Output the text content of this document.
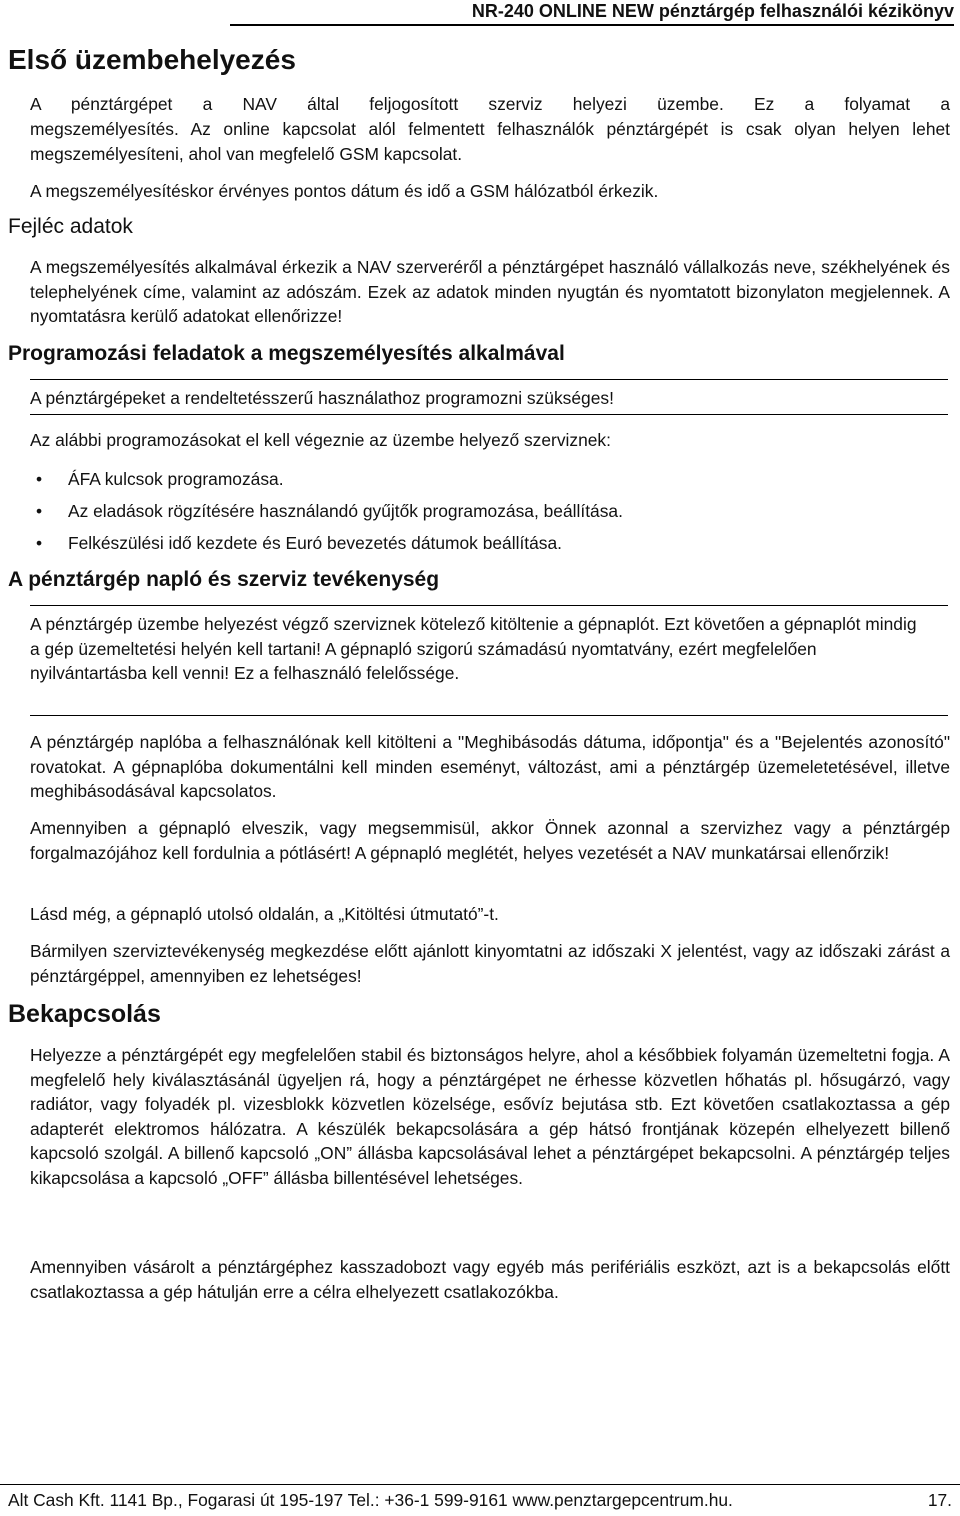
NR-240 ONLINE NEW pénztárgép felhasználói kézikönyv
Első üzembehelyezés
A pénztárgépet a NAV által feljogosított szerviz helyezi üzembe. Ez a folyamat a
megszemélyesítés. Az online kapcsolat alól felmentett felhasználók pénztárgépét is csak olyan helyen lehet megszemélyesíteni, ahol van megfelelő GSM kapcsolat.
A megszemélyesítéskor érvényes pontos dátum és idő a GSM hálózatból érkezik.
Fejléc adatok
A megszemélyesítés alkalmával érkezik a NAV szerveréről a pénztárgépet használó vállalkozás neve, székhelyének és telephelyének címe, valamint az adószám. Ezek az adatok minden nyugtán és nyomtatott bizonylaton megjelennek. A nyomtatásra kerülő adatokat ellenőrizze!
Programozási feladatok a megszemélyesítés alkalmával
A pénztárgépeket a rendeltetésszerű használathoz programozni szükséges!
Az alábbi programozásokat el kell végeznie az üzembe helyező szerviznek:
• ÁFA kulcsok programozása.
• Az eladások rögzítésére használandó gyűjtők programozása, beállítása.
• Felkészülési idő kezdete és Euró bevezetés dátumok beállítása.
A pénztárgép napló és szerviz tevékenység
A pénztárgép üzembe helyezést végző szerviznek kötelező kitöltenie a gépnaplót. Ezt követően a gépnaplót mindig a gép üzemeltetési helyén kell tartani! A gépnapló szigorú számadású nyomtatvány, ezért megfelelően nyilvántartásba kell venni! Ez a felhasználó felelőssége.
A pénztárgép naplóba a felhasználónak kell kitölteni a "Meghibásodás dátuma, időpontja" és a "Bejelentés azonosító" rovatokat. A gépnaplóba dokumentálni kell minden eseményt, változást, ami a pénztárgép üzemeletetésével, illetve meghibásodásával kapcsolatos.
Amennyiben a gépnapló elveszik, vagy megsemmisül, akkor Önnek azonnal a szervizhez vagy a pénztárgép forgalmazójához kell fordulnia a pótlásért! A gépnapló meglétét, helyes vezetését a NAV munkatársai ellenőrzik!
Lásd még, a gépnapló utolsó oldalán, a „Kitöltési útmutató”-t.
Bármilyen szerviztevékenység megkezdése előtt ajánlott kinyomtatni az időszaki X jelentést, vagy az időszaki zárást a pénztárgéppel, amennyiben ez lehetséges!
Bekapcsolás
Helyezze a pénztárgépét egy megfelelően stabil és biztonságos helyre, ahol a későbbiek folyamán üzemeltetni fogja. A megfelelő hely kiválasztásánál ügyeljen rá, hogy a pénztárgépet ne érhesse közvetlen hőhatás pl. hősugárzó, vagy radiátor, vagy folyadék pl. vizesblokk közvetlen közelsége, esővíz bejutása stb. Ezt követően csatlakoztassa a gép adapterét elektromos hálózatra. A készülék bekapcsolására a gép hátsó frontjának közepén elhelyezett billenő kapcsoló szolgál. A billenő kapcsoló „ON” állásba kapcsolásával lehet a pénztárgépet bekapcsolni. A pénztárgép teljes kikapcsolása a kapcsoló „OFF” állásba billentésével lehetséges.
Amennyiben vásárolt a pénztárgéphez kasszadobozt vagy egyéb más perifériális eszközt, azt is a bekapcsolás előtt csatlakoztassa a gép hátulján erre a célra elhelyezett csatlakozókba.
Alt Cash Kft. 1141 Bp., Fogarasi út 195-197 Tel.: +36-1 599-9161 www.penztargepcentrum.hu.	17.
